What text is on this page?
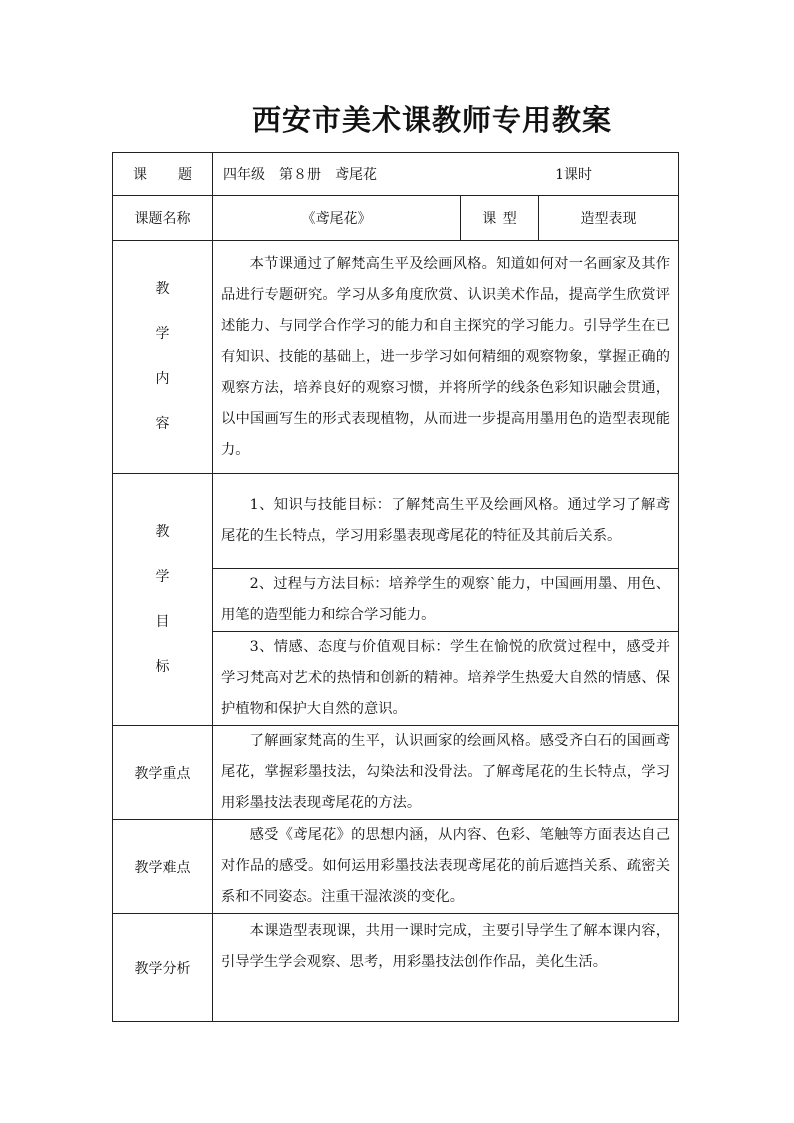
西安市美术课教师专用教案
课 题	四年级　第８册　鸢尾花 1课时		

课题名称	《鸢尾花》	课 型	造型表现

教
学
内
容	本节课通过了解梵高生平及绘画风格。知道如何对一名画家及其作品进行专题研究。学习从多角度欣赏、认识美术作品，提高学生欣赏评述能力、与同学合作学习的能力和自主探究的学习能力。引导学生在已有知识、技能的基础上，进一步学习如何精细的观察物象，掌握正确的观察方法，培养良好的观察习惯，并将所学的线条色彩知识融会贯通，以中国画写生的形式表现植物，从而进一步提高用墨用色的造型表现能力。		

教
学
目
标	1、知识与技能目标：了解梵高生平及绘画风格。通过学习了解鸢尾花的生长特点，学习用彩墨表现鸢尾花的特征及其前后关系。		
	2、过程与方法目标：培养学生的观察`能力，中国画用墨、用色、用笔的造型能力和综合学习能力。		
	3、情感、态度与价值观目标：学生在愉悦的欣赏过程中，感受并学习梵高对艺术的热情和创新的精神。培养学生热爱大自然的情感、保护植物和保护大自然的意识。		
教学重点	了解画家梵高的生平，认识画家的绘画风格。感受齐白石的国画鸢尾花，掌握彩墨技法，勾染法和没骨法。了解鸢尾花的生长特点，学习用彩墨技法表现鸢尾花的方法。		
教学难点	感受《鸢尾花》的思想内涵，从内容、色彩、笔触等方面表达自己对作品的感受。如何运用彩墨技法表现鸢尾花的前后遮挡关系、疏密关系和不同姿态。注重干湿浓淡的变化。		
教学分析	本课造型表现课，共用一课时完成，主要引导学生了解本课内容，引导学生学会观察、思考，用彩墨技法创作作品，美化生活。		
